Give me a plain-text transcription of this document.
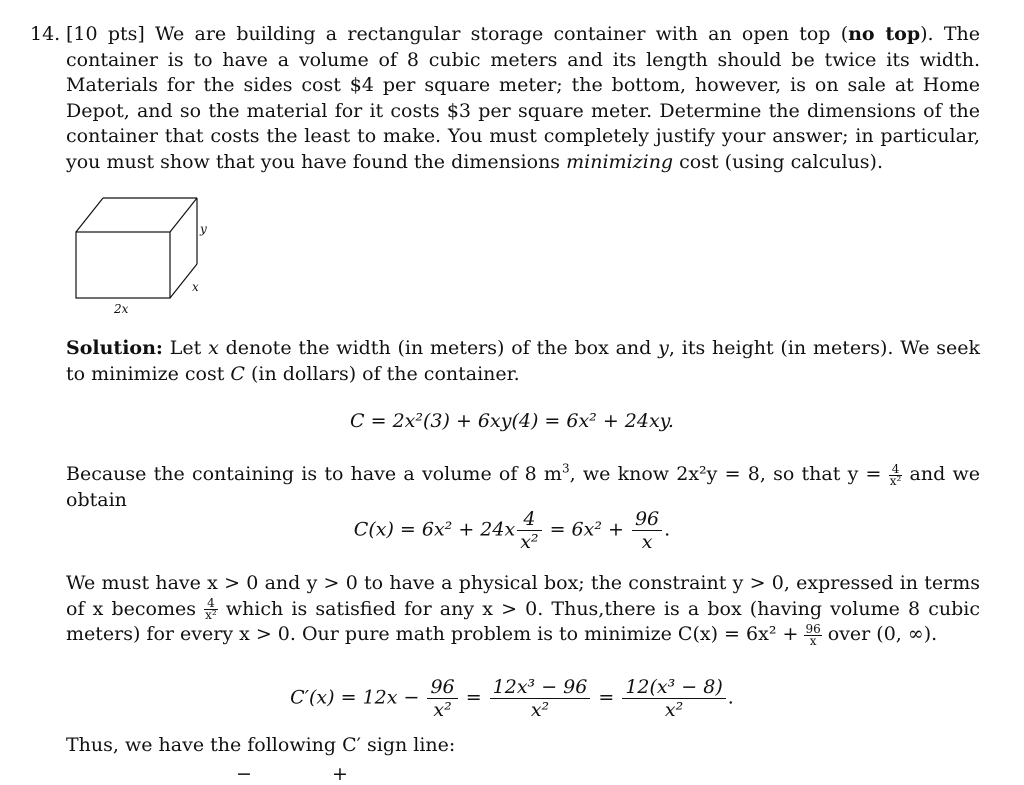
14. [10 pts] We are building a rectangular storage container with an open top (no top). The container is to have a volume of 8 cubic meters and its length should be twice its width. Materials for the sides cost $4 per square meter; the bottom, however, is on sale at Home Depot, and so the material for it costs $3 per square meter. Determine the dimensions of the container that costs the least to make. You must completely justify your answer; in particular, you must show that you have found the dimensions minimizing cost (using calculus).
y
x
2x
Solution: Let x denote the width (in meters) of the box and y, its height (in meters). We seek to minimize cost C (in dollars) of the container.
C = 2x²(3) + 6xy(4) = 6x² + 24xy.
Because the containing is to have a volume of 8 $m^3$, we know 2x²y = 8, so that $y = \frac{4}{\text{x²}}$ and we obtain
$C(x) = 6x^2 + 24x \frac{4}{\text{x²}} = 6x^2 + \frac{96}{x}$ .
We must have x > 0 and y > 0 to have a physical box; the constraint y > 0, expressed in terms of x becomes $\frac{4}{\text{x²}}$ which is satisfied for any x > 0. Thus,there is a box (having volume 8 cubic meters) for every x > 0. Our pure math problem is to minimize $C(x) = 6x^2 + \frac{96}{x}$ over (0, ∞).
$C'(x) = 12x - \frac{96}{\text{x²}} = \frac{\text{12x³ − 96}}{\text{x²}} = \frac{\text{12(x³ − 8)}}{\text{x²}}$ .
Thus, we have the following C′ sign line:
−	+
